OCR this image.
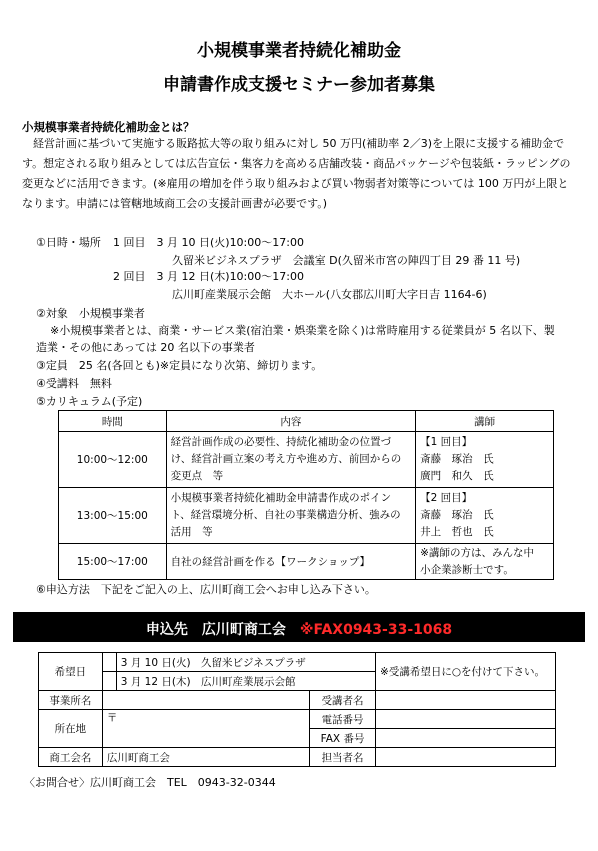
小規模事業者持続化補助金
申請書作成支援セミナー参加者募集
小規模事業者持続化補助金とは？
　経営計画に基づいて実施する販路拡大等の取り組みに対し 50 万円(補助率 2／3)を上限に支援する補助金です。想定される取り組みとしては広告宣伝・集客力を高める店舗改装・商品パッケージや包装紙・ラッピングの変更などに活用できます。(※雇用の増加を伴う取り組みおよび買い物弱者対策等については 100 万円が上限となります。申請には管轄地域商工会の支援計画書が必要です。)
①日時・場所 1 回目　3 月 10 日(火)10:00～17:00
久留米ビジネスプラザ　会議室 D(久留米市宮の陣四丁目 29 番 11 号)
2 回目　3 月 12 日(木)10:00～17:00
広川町産業展示会館　大ホール(八女郡広川町大字日吉 1164-6)
②対象　小規模事業者
※小規模事業者とは、商業・サービス業(宿泊業・娯楽業を除く)は常時雇用する従業員が 5 名以下、製
造業・その他にあっては 20 名以下の事業者
③定員　25 名(各回とも)※定員になり次第、締切ります。
④受講料　無料
⑤カリキュラム(予定)
時間	内容	講師
10:00～12:00	経営計画作成の必要性、持続化補助金の位置づけ、経営計画立案の考え方や進め方、前回からの変更点　等	【1 回目】
斎藤　琢治　氏
廣門　和久　氏

13:00～15:00	小規模事業者持続化補助金申請書作成のポイント、経営環境分析、自社の事業構造分析、強みの活用　等	【2 回目】
斎藤　琢治　氏
井上　哲也　氏

15:00～17:00	自社の経営計画を作る【ワークショップ】	※講師の方は、みんな中
小企業診断士です。
⑥申込方法　下記をご記入の上、広川町商工会へお申し込み下さい。
申込先　広川町商工会 ※FAX0943-33-1068
希望日		3 月 10 日(火)　久留米ビジネスプラザ		※受講希望日に○を付けて下さい。
		3 月 12 日(木)　広川町産業展示会館		
事業所名			受講者名	
所在地	〒		電話番号	
			FAX 番号	
商工会名	広川町商工会		担当者名	
〈お問合せ〉広川町商工会　TEL　0943-32-0344
